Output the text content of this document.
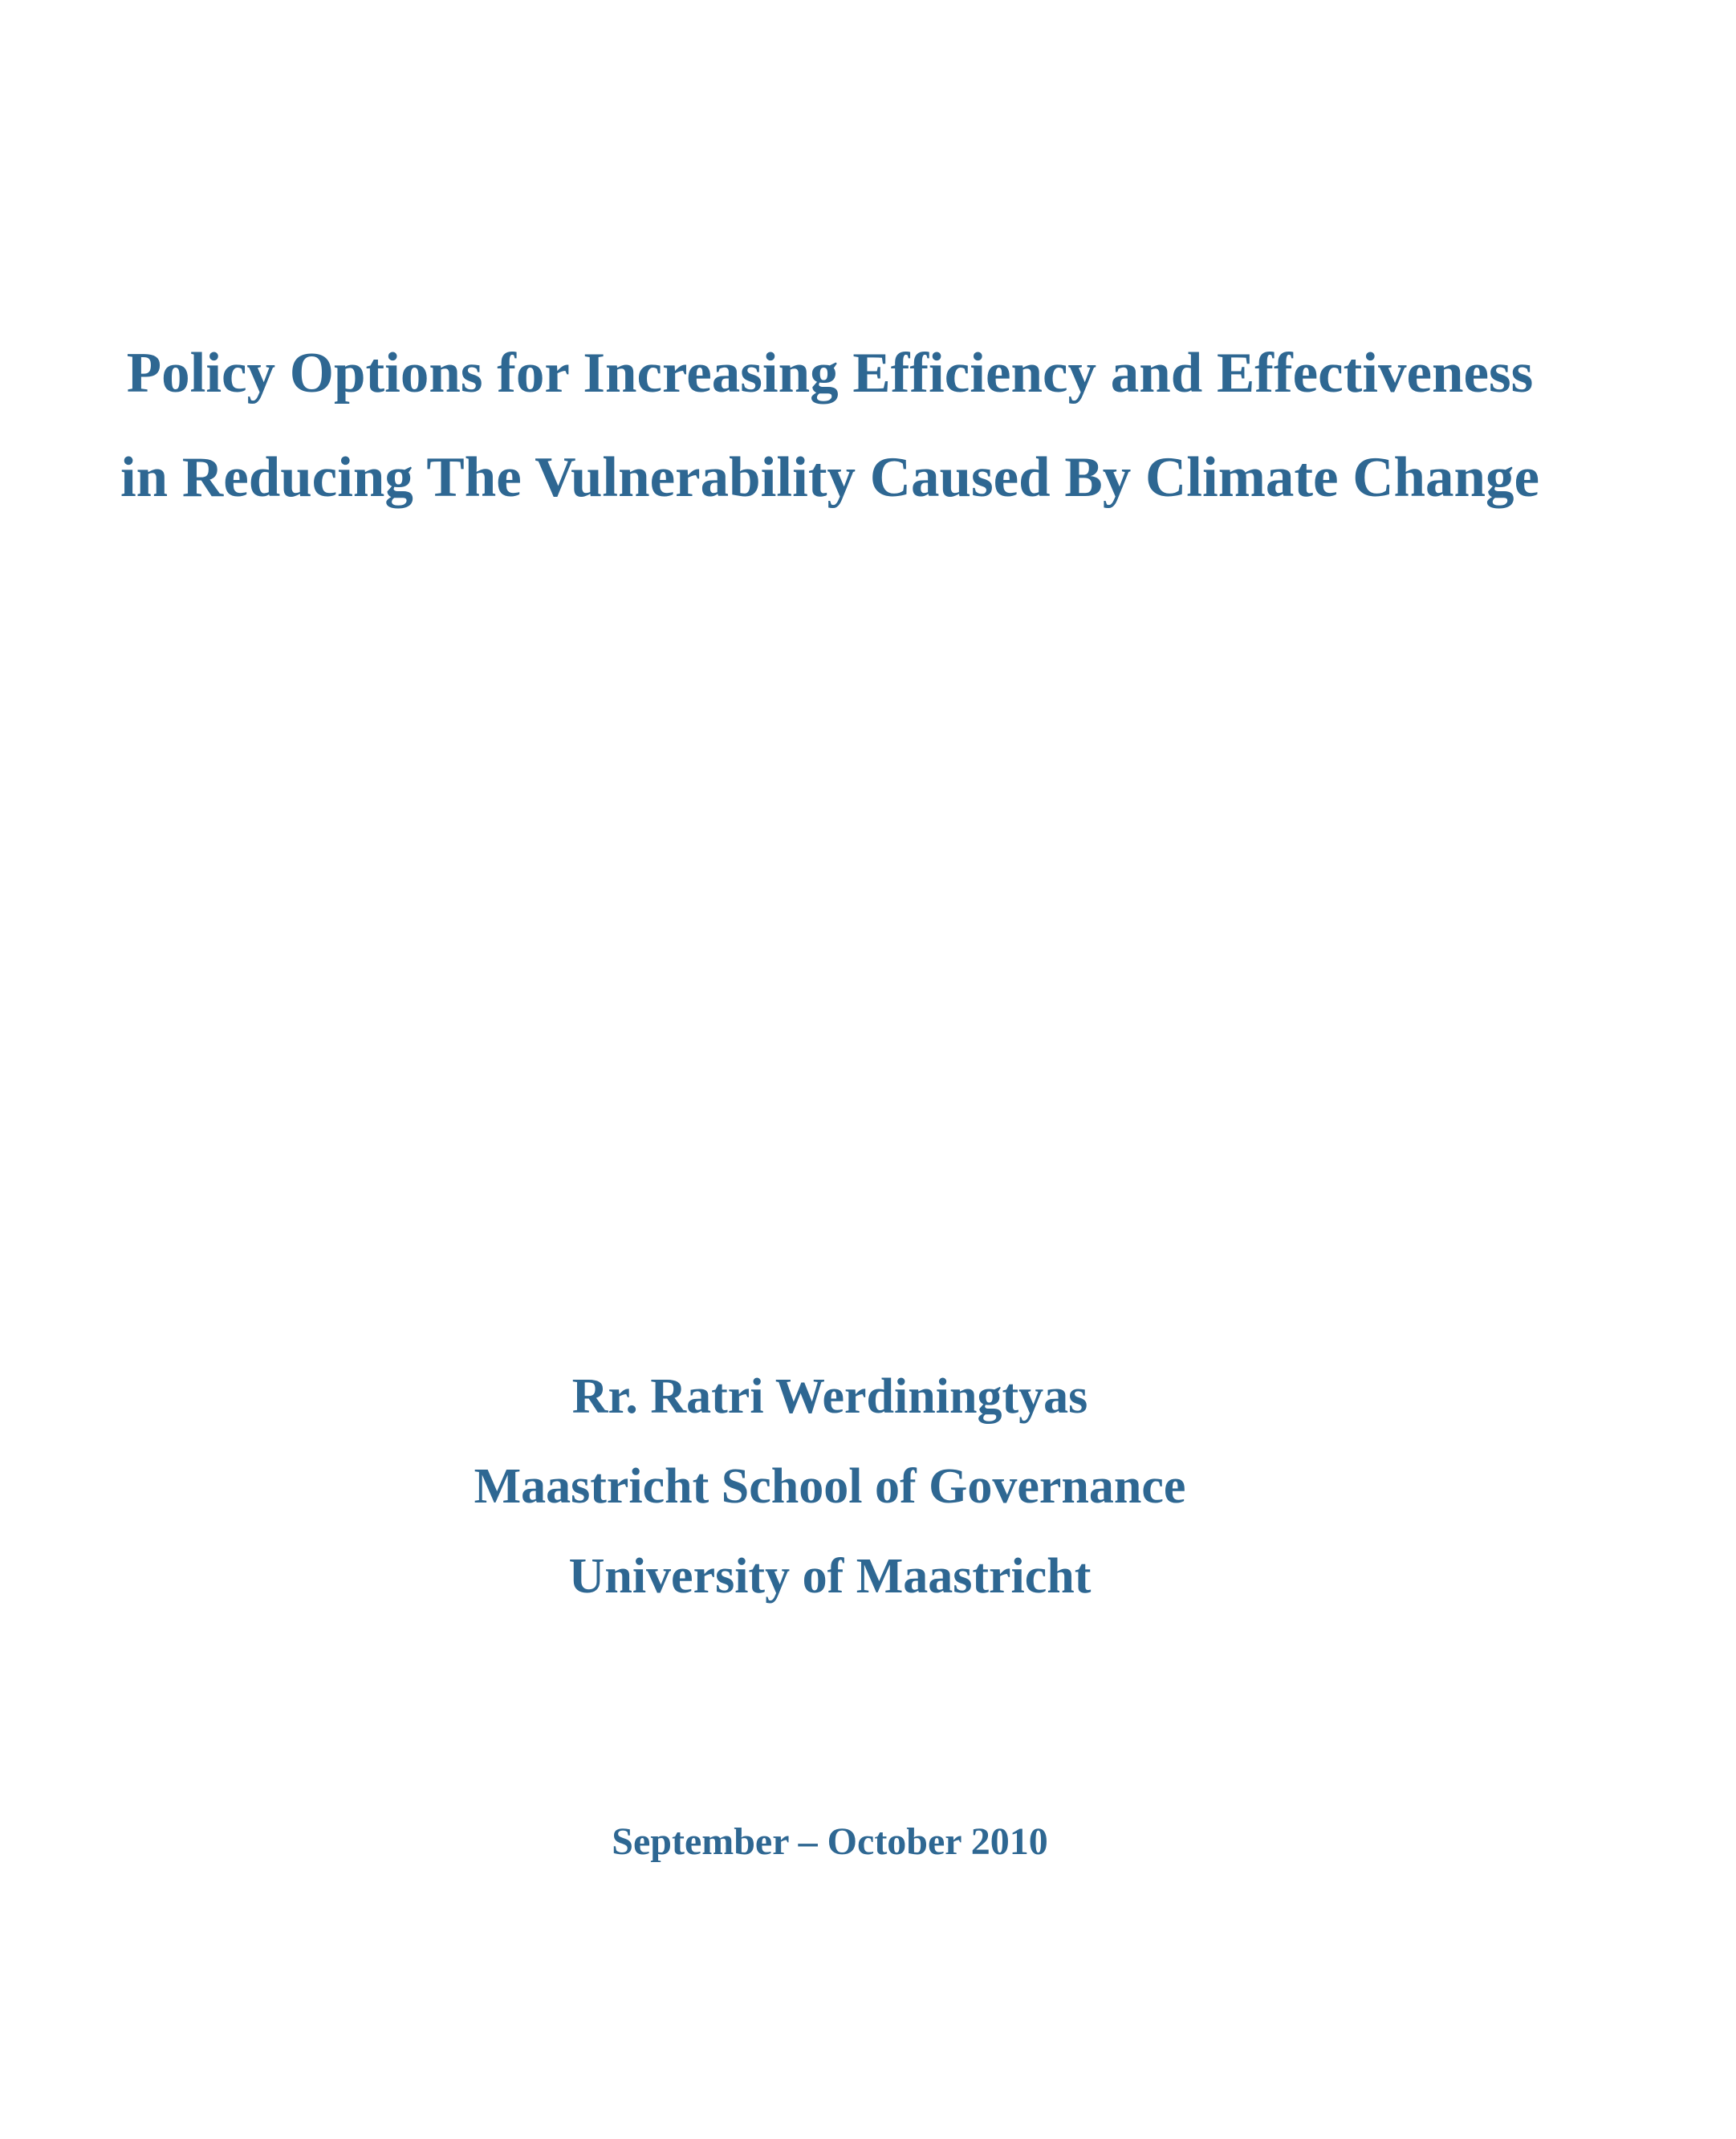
Policy Options for Increasing Efficiency and Effectiveness
in Reducing The Vulnerability Caused By Climate Change
Rr. Ratri Werdiningtyas
Maastricht School of Governance
University of Maastricht
September – October 2010
